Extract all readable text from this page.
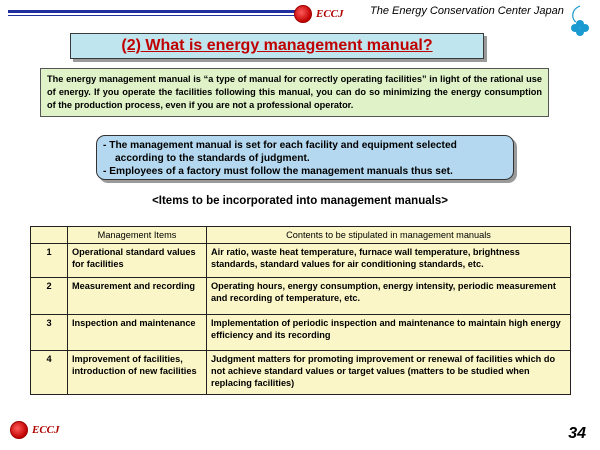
ECCJ The Energy Conservation Center Japan
(2) What is energy management manual?
The energy management manual is “a type of manual for correctly operating facilities” in light of the rational use of energy. If you operate the facilities following this manual, you can do so minimizing the energy consumption of the production process, even if you are not a professional operator.
- The management manual is set for each facility and equipment selected
according to the standards of judgment.
- Employees of a factory must follow the management manuals thus set.
<Items to be incorporated into management manuals>
	Management Items	Contents to be stipulated in management manuals
1	Operational standard values for facilities	Air ratio, waste heat temperature, furnace wall temperature, brightness standards, standard values for air conditioning standards, etc.
2	Measurement and recording	Operating hours, energy consumption, energy intensity, periodic measurement and recording of temperature, etc.
3	Inspection and maintenance	Implementation of periodic inspection and maintenance to maintain high energy efficiency and its recording
4	Improvement of facilities, introduction of new facilities	Judgment matters for promoting improvement or renewal of facilities which do not achieve standard values or target values (matters to be studied when replacing facilities)
ECCJ	34
